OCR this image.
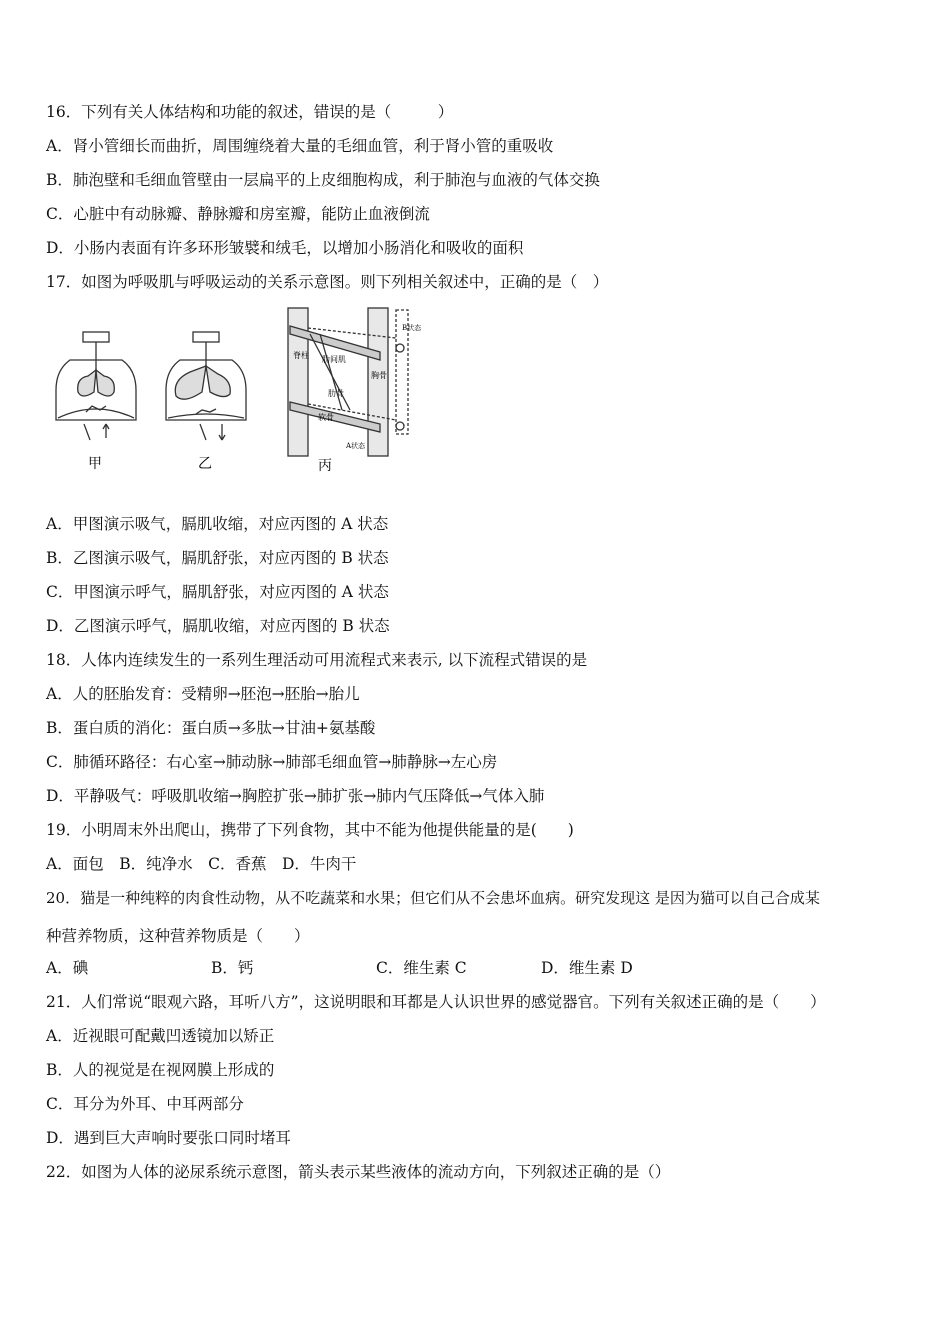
16．下列有关人体结构和功能的叙述，错误的是（　　　）
A．肾小管细长而曲折，周围缠绕着大量的毛细血管，利于肾小管的重吸收
B．肺泡壁和毛细血管壁由一层扁平的上皮细胞构成，利于肺泡与血液的气体交换
C．心脏中有动脉瓣、静脉瓣和房室瓣，能防止血液倒流
D．小肠内表面有许多环形皱襞和绒毛，以增加小肠消化和吸收的面积
17．如图为呼吸肌与呼吸运动的关系示意图。则下列相关叙述中，正确的是（　）
甲	乙
脊柱 肋间肌
胸骨
软骨
肋骨
B状态
A状态
丙
A．甲图演示吸气，膈肌收缩，对应丙图的 A 状态
B．乙图演示吸气，膈肌舒张，对应丙图的 B 状态
C．甲图演示呼气，膈肌舒张，对应丙图的 A 状态
D．乙图演示呼气，膈肌收缩，对应丙图的 B 状态
18．人体内连续发生的一系列生理活动可用流程式来表示, 以下流程式错误的是
A．人的胚胎发育：受精卵→胚泡→胚胎→胎儿
B．蛋白质的消化：蛋白质→多肽→甘油+氨基酸
C．肺循环路径：右心室→肺动脉→肺部毛细血管→肺静脉→左心房
D．平静吸气：呼吸肌收缩→胸腔扩张→肺扩张→肺内气压降低→气体入肺
19．小明周末外出爬山，携带了下列食物，其中不能为他提供能量的是(　　)
A．面包　B．纯净水　C．香蕉　D．牛肉干
20．猫是一种纯粹的肉食性动物，从不吃蔬菜和水果；但它们从不会患坏血病。研究发现这 是因为猫可以自己合成某
种营养物质，这种营养物质是（　　）
A．碘	B．钙	C．维生素 C	D．维生素 D
21．人们常说“眼观六路，耳听八方”，这说明眼和耳都是人认识世界的感觉器官。下列有关叙述正确的是（　　）
A．近视眼可配戴凹透镜加以矫正
B．人的视觉是在视网膜上形成的
C．耳分为外耳、中耳两部分
D．遇到巨大声响时要张口同时堵耳
22．如图为人体的泌尿系统示意图，箭头表示某些液体的流动方向，下列叙述正确的是（）
